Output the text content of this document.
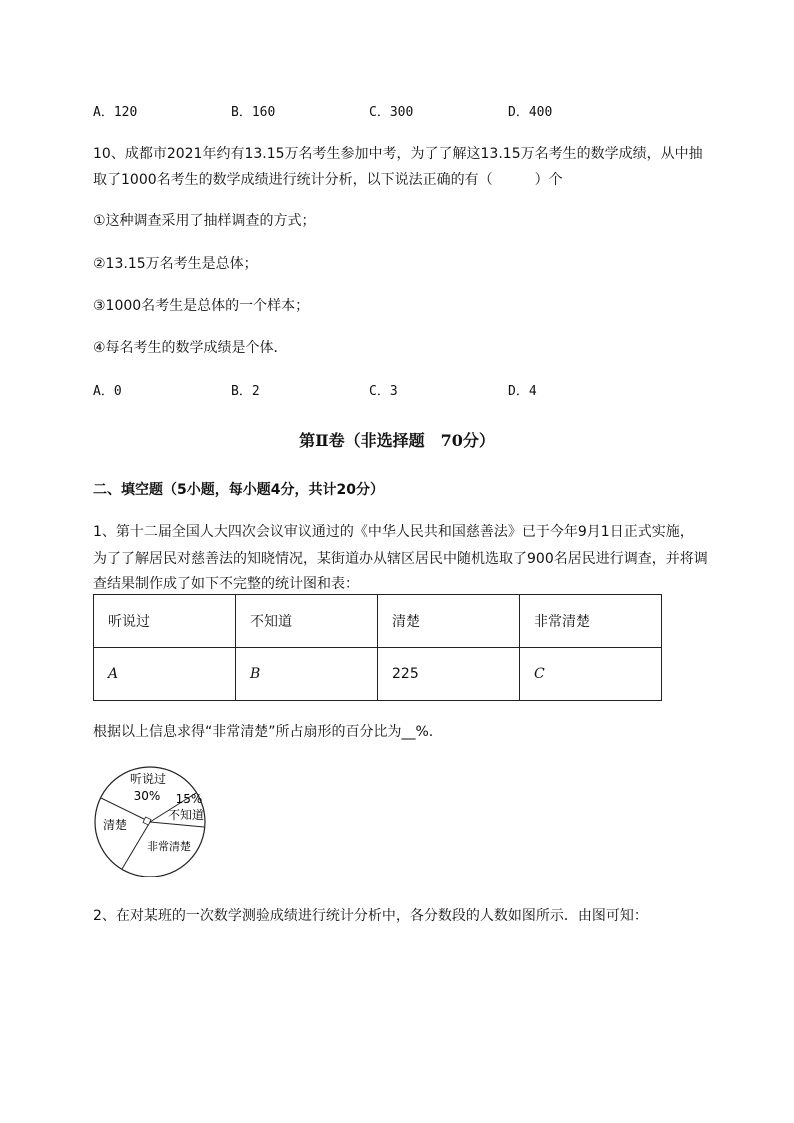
A．120	B．160	C．300	D．400
10、成都市2021年约有13.15万名考生参加中考，为了了解这13.15万名考生的数学成绩，从中抽
取了1000名考生的数学成绩进行统计分析，以下说法正确的有（　　　）个
①这种调查采用了抽样调查的方式；
②13.15万名考生是总体；
③1000名考生是总体的一个样本；
④每名考生的数学成绩是个体．
A．0	B．2	C．3	D．4
第Ⅱ卷（非选择题　70分）
二、填空题（5小题，每小题4分，共计20分）
1、第十二届全国人大四次会议审议通过的《中华人民共和国慈善法》已于今年9月1日正式实施，
为了了解居民对慈善法的知晓情况，某街道办从辖区居民中随机选取了900名居民进行调查，并将调
查结果制作成了如下不完整的统计图和表：
听说过	不知道	清楚	非常清楚
A	B	225	C
根据以上信息求得“非常清楚”所占扇形的百分比为__%.
听说过
30% 15%
不知道
非常清楚
清楚
2、在对某班的一次数学测验成绩进行统计分析中，各分数段的人数如图所示．由图可知：
